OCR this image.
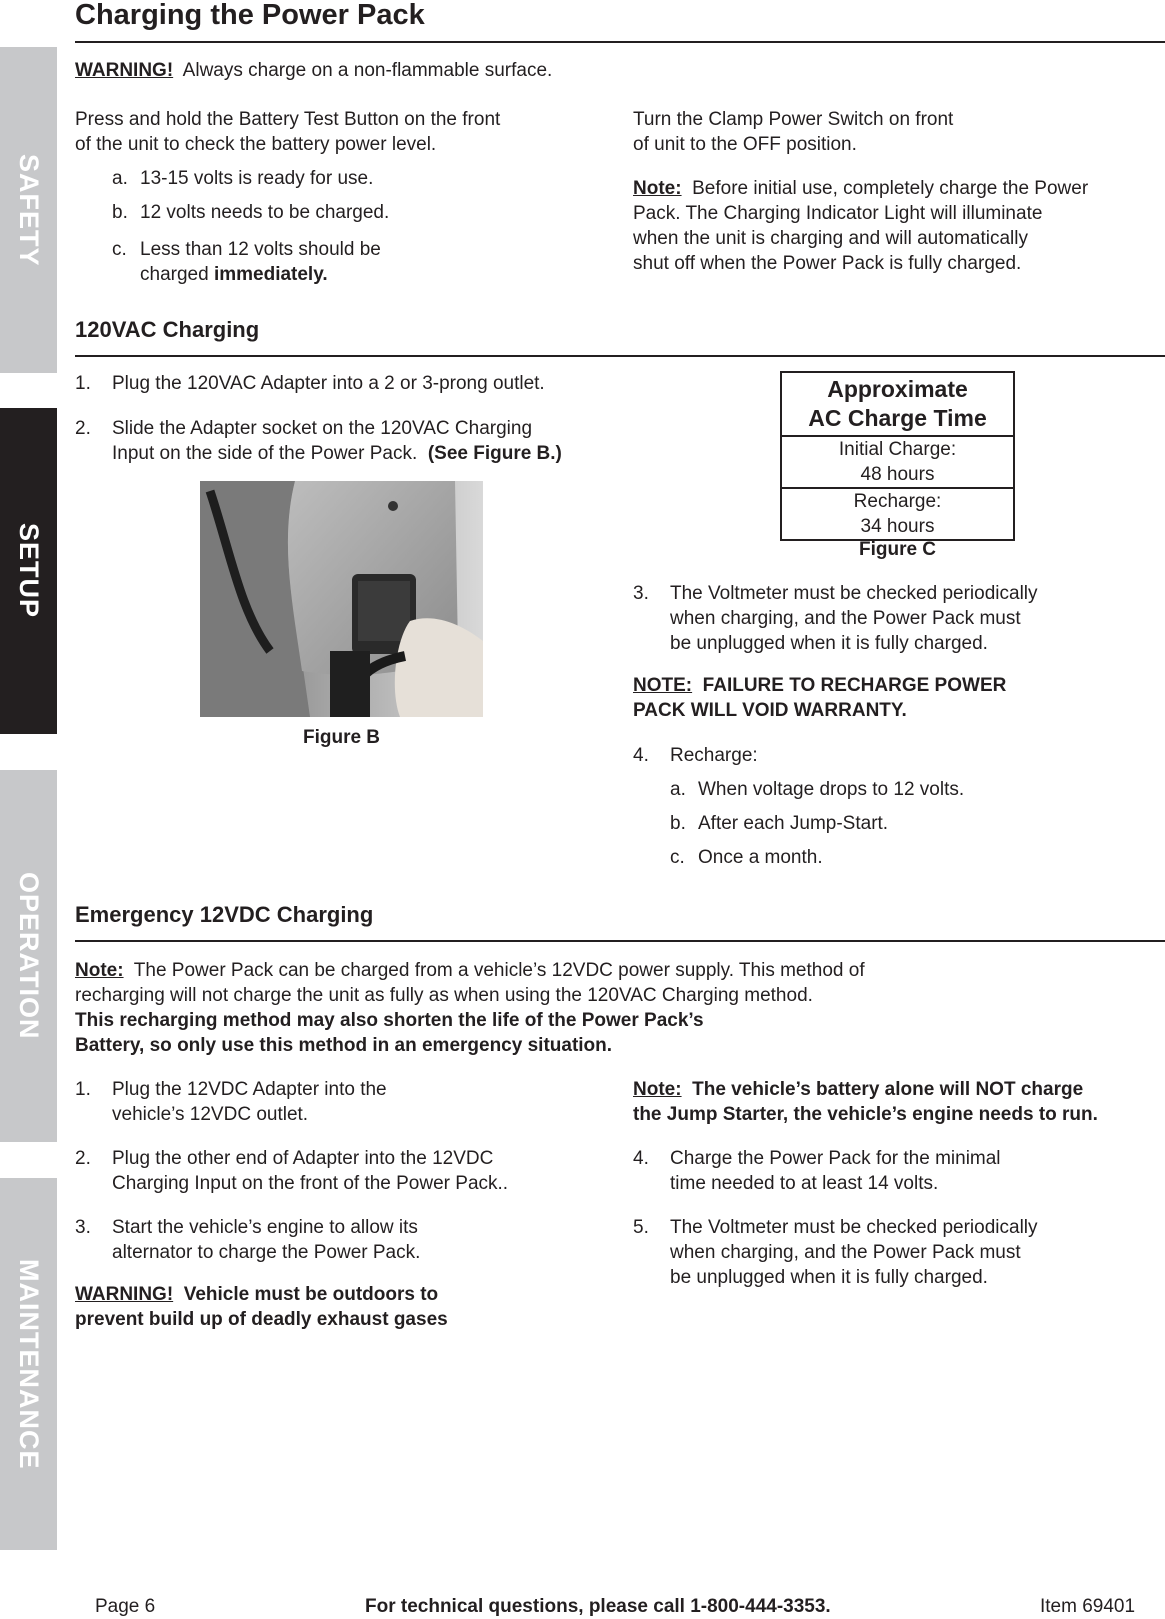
SAFETY
SETUP
OPERATION
MAINTENANCE
Charging the Power Pack

WARNING! Always charge on a non-flammable surface.

Press and hold the Battery Test Button on the front

of the unit to check the battery power level.

a. 13-15 volts is ready for use.
b. 12 volts needs to be charged.
c. Less than 12 volts should be

charged immediately.

Turn the Clamp Power Switch on front

of unit to the OFF position.

Note: Before initial use, completely charge the Power

Pack. The Charging Indicator Light will illuminate

when the unit is charging and will automatically

shut off when the Power Pack is fully charged.

120VAC Charging
1.	Plug the 120VAC Adapter into a 2 or 3-prong outlet.
2.	Slide the Adapter socket on the 120VAC Charging

Input on the side of the Power Pack. (See Figure B.)

Figure B
Approximate
AC Charge Time

Initial Charge:
48 hours

Recharge:
34 hours
Figure C
3.	The Voltmeter must be checked periodically

when charging, and the Power Pack must

be unplugged when it is fully charged.

NOTE: FAILURE TO RECHARGE POWER

PACK WILL VOID WARRANTY.

4.	Recharge:
a. When voltage drops to 12 volts.
b. After each Jump-Start.
c. Once a month.
Emergency 12VDC Charging

Note: The Power Pack can be charged from a vehicle’s 12VDC power supply. This method of

recharging will not charge the unit as fully as when using the 120VAC Charging method.

This recharging method may also shorten the life of the Power Pack’s

Battery, so only use this method in an emergency situation.

1.	Plug the 12VDC Adapter into the

vehicle’s 12VDC outlet.

2.	Plug the other end of Adapter into the 12VDC

Charging Input on the front of the Power Pack..

3.	Start the vehicle’s engine to allow its

alternator to charge the Power Pack.

WARNING! Vehicle must be outdoors to

prevent build up of deadly exhaust gases

Note: The vehicle’s battery alone will NOT charge

the Jump Starter, the vehicle’s engine needs to run.

4.	Charge the Power Pack for the minimal

time needed to at least 14 volts.

5.	The Voltmeter must be checked periodically

when charging, and the Power Pack must

be unplugged when it is fully charged.

Page 6	For technical questions, please call 1-800-444-3353.	Item 69401
